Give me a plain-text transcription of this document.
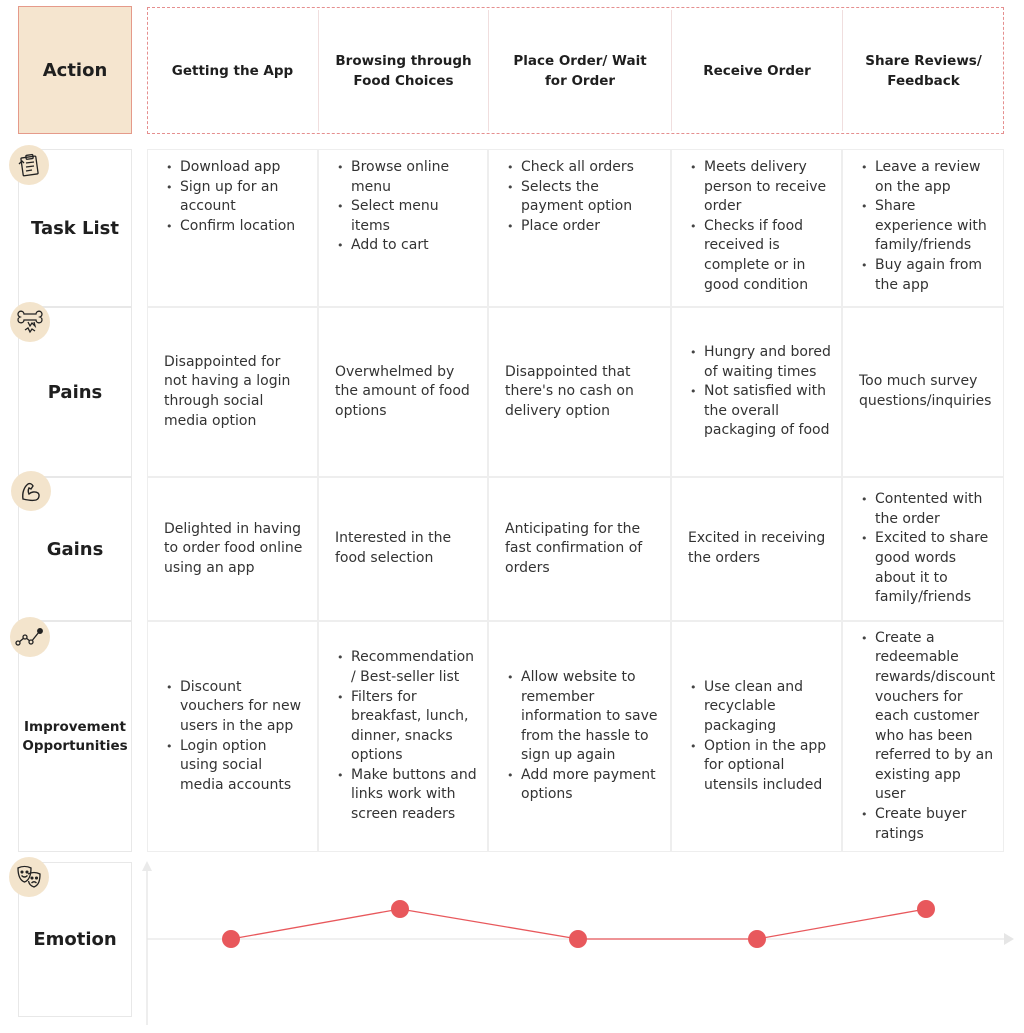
Action	Getting the App
Browsing through
Food Choices
Place Order/ Wait
for Order
Receive Order
Share Reviews/
Feedback
Task List
Pains
Gains
Improvement
Opportunities
Emotion
• Download app
• Sign up for an account
• Confirm location
• Browse online menu
• Select menu items
• Add to cart
• Check all orders
• Selects the payment option
• Place order
• Meets delivery person to receive order
• Checks if food received is complete or in good condition
• Leave a review on the app
• Share experience with family/friends
• Buy again from the app
Disappointed for not having a login through social media option
Overwhelmed by the amount of food options
Disappointed that there's no cash on delivery option
• Hungry and bored of waiting times
• Not satisfied with the overall packaging of food
Too much survey questions/inquiries
Delighted in having to order food online using an app
Interested in the food selection
Anticipating for the fast confirmation of orders
Excited in receiving the orders
• Contented with the order
• Excited to share good words about it to family/friends
• Discount vouchers for new users in the app
• Login option using social media accounts
• Recommendation / Best-seller list
• Filters for breakfast, lunch, dinner, snacks options
• Make buttons and links work with screen readers
• Allow website to remember information to save from the hassle to sign up again
• Add more payment options
• Use clean and recyclable packaging
• Option in the app for optional utensils included
• Create a redeemable rewards/discount vouchers for each customer who has been referred to by an existing app user
• Create buyer ratings
